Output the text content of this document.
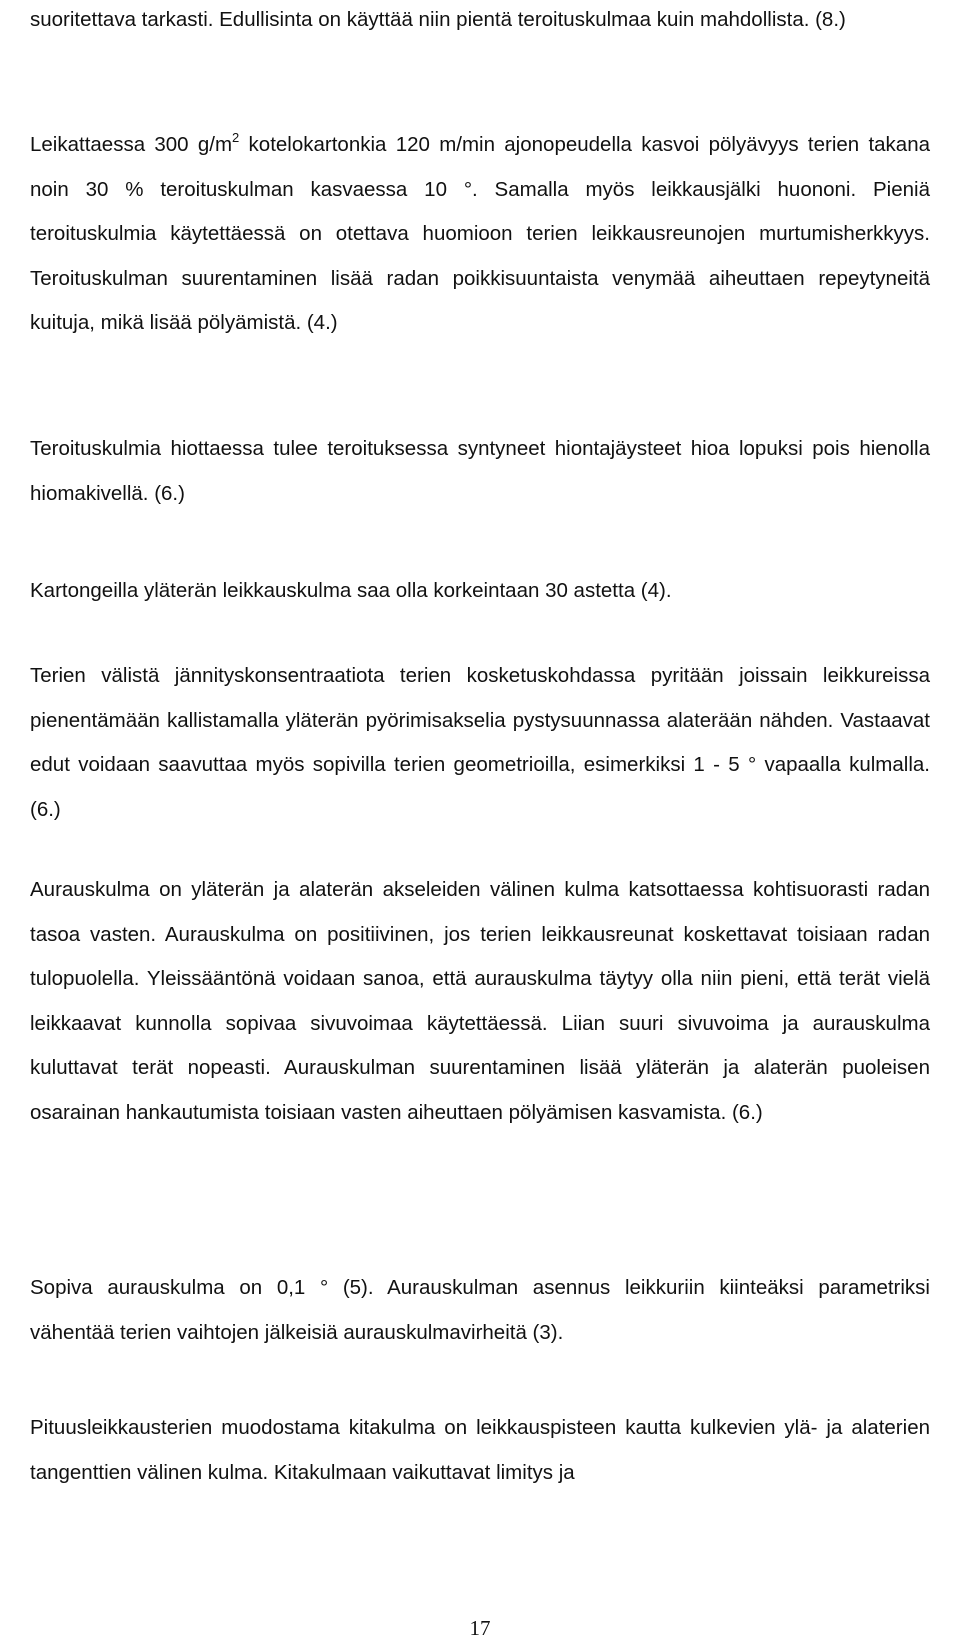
suoritettava tarkasti. Edullisinta on käyttää niin pientä teroituskulmaa kuin mahdollista. (8.)

Leikattaessa 300 $g/m^2$ kotelokartonkia 120 m/min ajonopeudella kasvoi pölyävyys terien takana noin 30 % teroituskulman kasvaessa 10 °. Samalla myös leikkausjälki huononi. Pieniä teroituskulmia käytettäessä on otettava huomioon terien leikkausreunojen murtumisherkkyys. Teroituskulman suurentaminen lisää radan poikkisuuntaista venymää aiheuttaen repeytyneitä kuituja, mikä lisää pölyämistä. (4.)

Teroituskulmia hiottaessa tulee teroituksessa syntyneet hiontajäysteet hioa lopuksi pois hienolla hiomakivellä. (6.)

Kartongeilla yläterän leikkauskulma saa olla korkeintaan 30 astetta (4).

Terien välistä jännityskonsentraatiota terien kosketuskohdassa pyritään joissain leikkureissa pienentämään kallistamalla yläterän pyörimisakselia pystysuunnassa alaterään nähden. Vastaavat edut voidaan saavuttaa myös sopivilla terien geometrioilla, esimerkiksi 1 - 5 ° vapaalla kulmalla. (6.)

Aurauskulma on yläterän ja alaterän akseleiden välinen kulma katsottaessa kohtisuorasti radan tasoa vasten. Aurauskulma on positiivinen, jos terien leikkausreunat koskettavat toisiaan radan tulopuolella. Yleissääntönä voidaan sanoa, että aurauskulma täytyy olla niin pieni, että terät vielä leikkaavat kunnolla sopivaa sivuvoimaa käytettäessä. Liian suuri sivuvoima ja aurauskulma kuluttavat terät nopeasti. Aurauskulman suurentaminen lisää yläterän ja alaterän puoleisen osarainan hankautumista toisiaan vasten aiheuttaen pölyämisen kasvamista. (6.)

Sopiva aurauskulma on 0,1 ° (5). Aurauskulman asennus leikkuriin kiinteäksi parametriksi vähentää terien vaihtojen jälkeisiä aurauskulmavirheitä (3).

Pituusleikkausterien muodostama kitakulma on leikkauspisteen kautta kulkevien ylä- ja alaterien tangenttien välinen kulma. Kitakulmaan vaikuttavat limitys ja

17
